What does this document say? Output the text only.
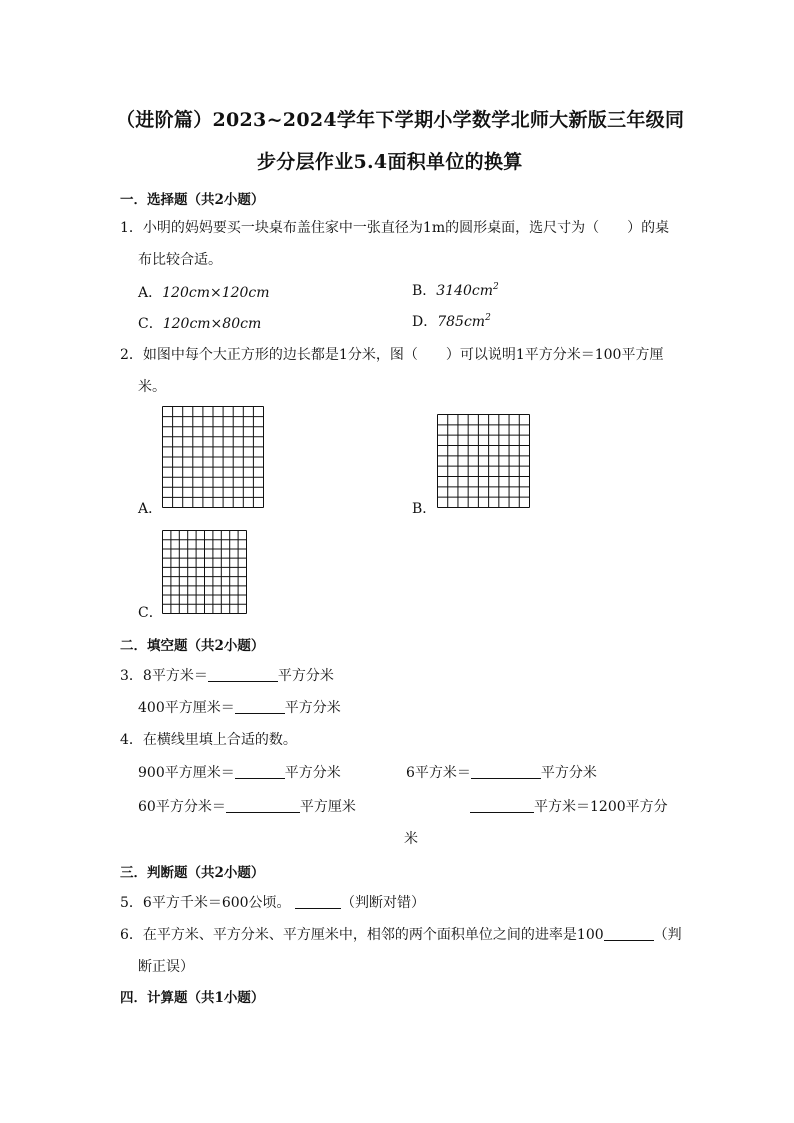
（进阶篇）2023~2024学年下学期小学数学北师大新版三年级同
步分层作业5.4面积单位的换算
一．选择题（共2小题）
1．小明的妈妈要买一块桌布盖住家中一张直径为1m的圆形桌面，选尺寸为（　　）的桌
布比较合适。
A．120cm×120cm	B．$3140cm^2$
C．120cm×80cm	D．$785cm^2$
2．如图中每个大正方形的边长都是1分米，图（　　）可以说明1平方分米＝100平方厘
米。
A．	B．
C．
二．填空题（共2小题）
3．8平方米＝	平方分米
400平方厘米＝	平方分米
4．在横线里填上合适的数。
900平方厘米＝	平方分米	6平方米＝	平方分米
60平方分米＝	平方厘米	平方米＝1200平方分
米
三．判断题（共2小题）
5．6平方千米＝600公顷。	（判断对错）
6．在平方米、平方分米、平方厘米中，相邻的两个面积单位之间的进率是100	（判
断正误）
四．计算题（共1小题）
